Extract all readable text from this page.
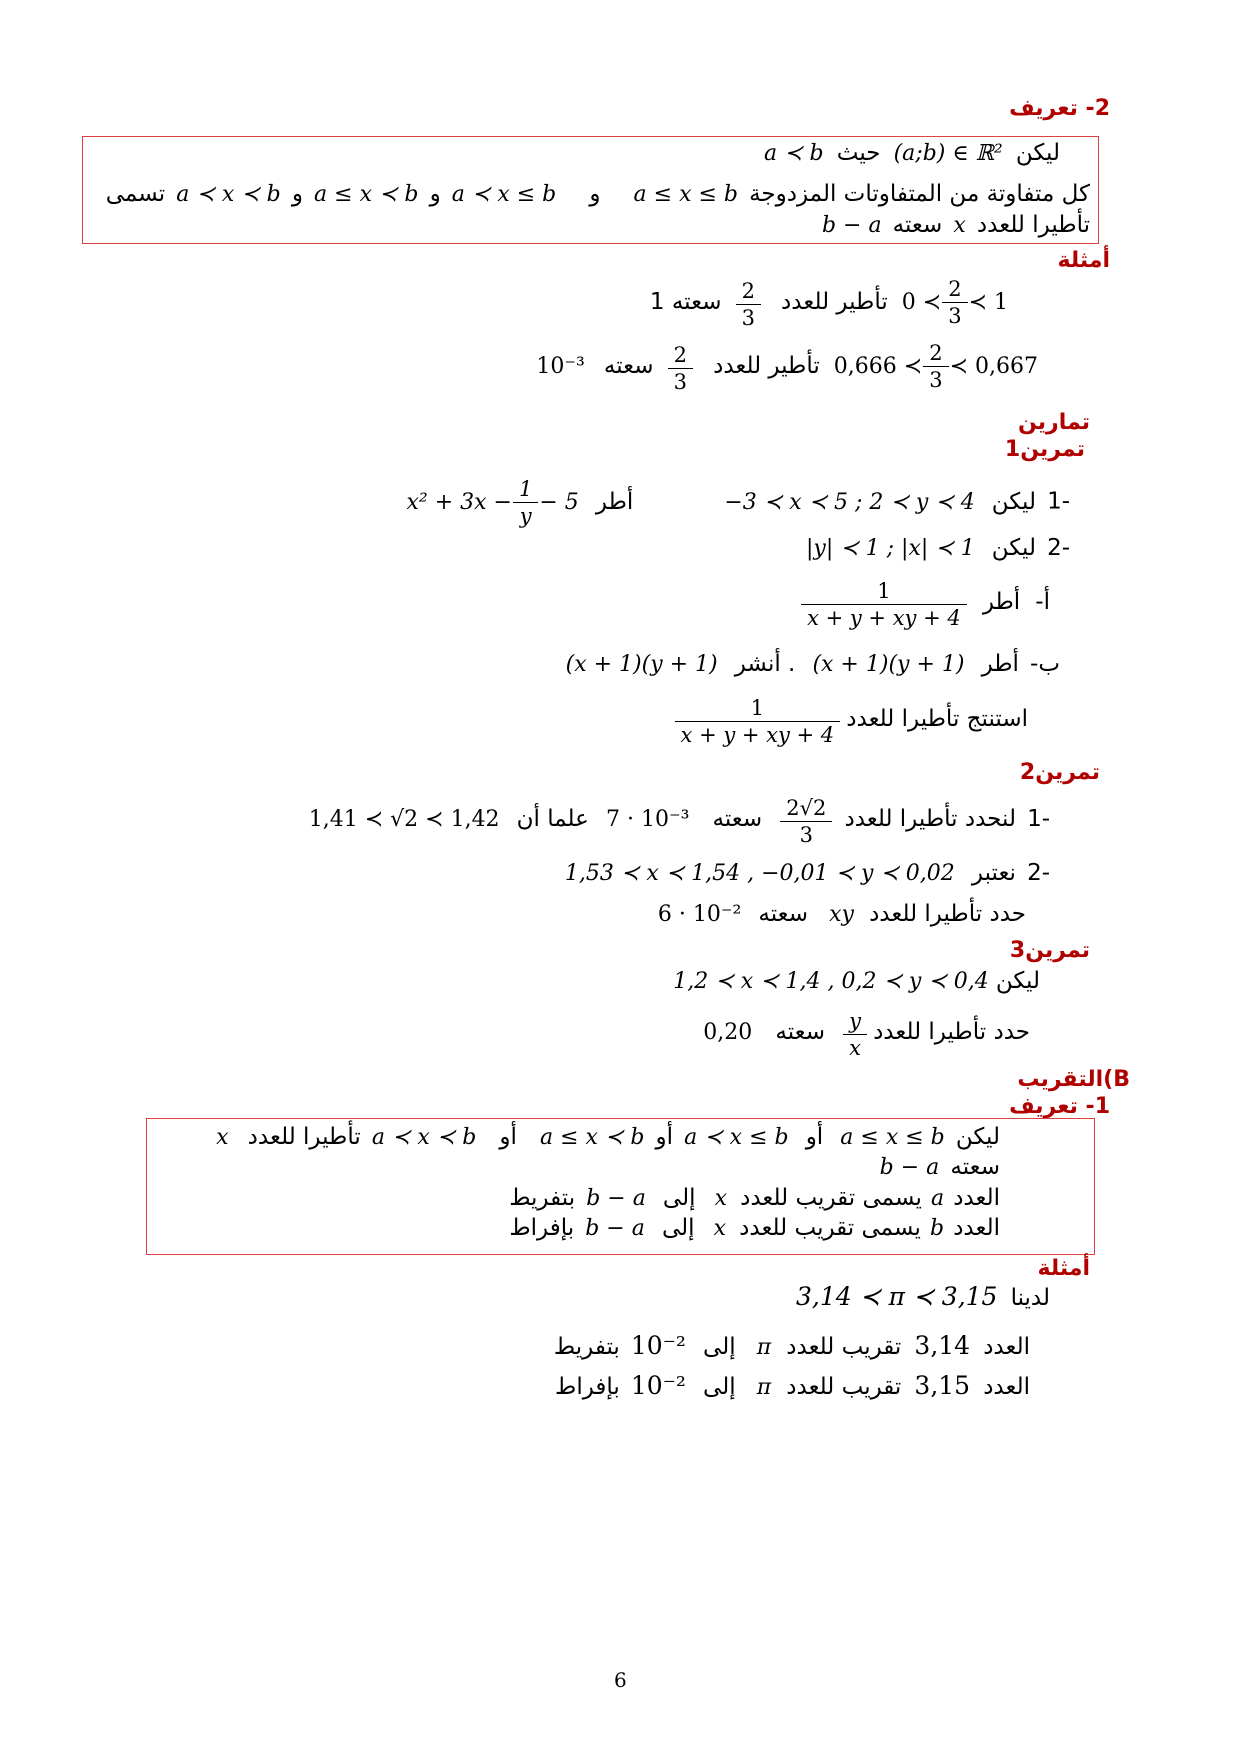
2- تعريف
ليكن (a;b) ∈ ℝ² حيث a ≺ b
كل متفاوتة من المتفاوتات المزدوجة a ≤ x ≤ b و a ≺ x ≤ b و a ≤ x ≺ b و a ≺ x ≺ b تسمى
تأطيرا للعدد x سعته b − a
أمثلة
0 ≺ $\frac{2}{3}$ ≺ 1 تأطير للعدد
$\frac{2}{3}$
سعته 1
0,666 ≺ $\frac{2}{3}$ ≺ 0,667 تأطير للعدد
$\frac{2}{3}$
سعته 10⁻³
تمارين
تمرين1
1- ليكن −3 ≺ x ≺ 5 ; 2 ≺ y ≺ 4 أطر $x^2 + 3x - \frac{1}{y} - 5$
2- ليكن |y| ≺ 1 ; |x| ≺ 1
أ- أطر
$\frac{1}{x + y + xy + 4}$
ب- أطر (x + 1)(y + 1) . أنشر (x + 1)(y + 1)
استنتج تأطيرا للعدد
$\frac{1}{x + y + xy + 4}$
تمرين2
1- لنحدد تأطيرا للعدد
$\frac{2√2}{3}$
سعته 7 · 10⁻³ علما أن 1,41 ≺ √2 ≺ 1,42
2- نعتبر 1,53 ≺ x ≺ 1,54 , −0,01 ≺ y ≺ 0,02
حدد تأطيرا للعدد xy سعته 6 · 10⁻²
تمرين3
ليكن 1,2 ≺ x ≺ 1,4 , 0,2 ≺ y ≺ 0,4
حدد تأطيرا للعدد
$\frac{y}{x}$
سعته 0,20
B)التقريب
1- تعريف
ليكن a ≤ x ≤ b أو a ≺ x ≤ b أو a ≤ x ≺ b أو a ≺ x ≺ b تأطيرا للعدد x
سعته b − a
العدد a يسمى تقريب للعدد x إلى b − a بتفريط
العدد b يسمى تقريب للعدد x إلى b − a بإفراط
أمثلة
لدينا 3,14 ≺ π ≺ 3,15
العدد 3,14 تقريب للعدد π إلى 10⁻² بتفريط
العدد 3,15 تقريب للعدد π إلى 10⁻² بإفراط
6
